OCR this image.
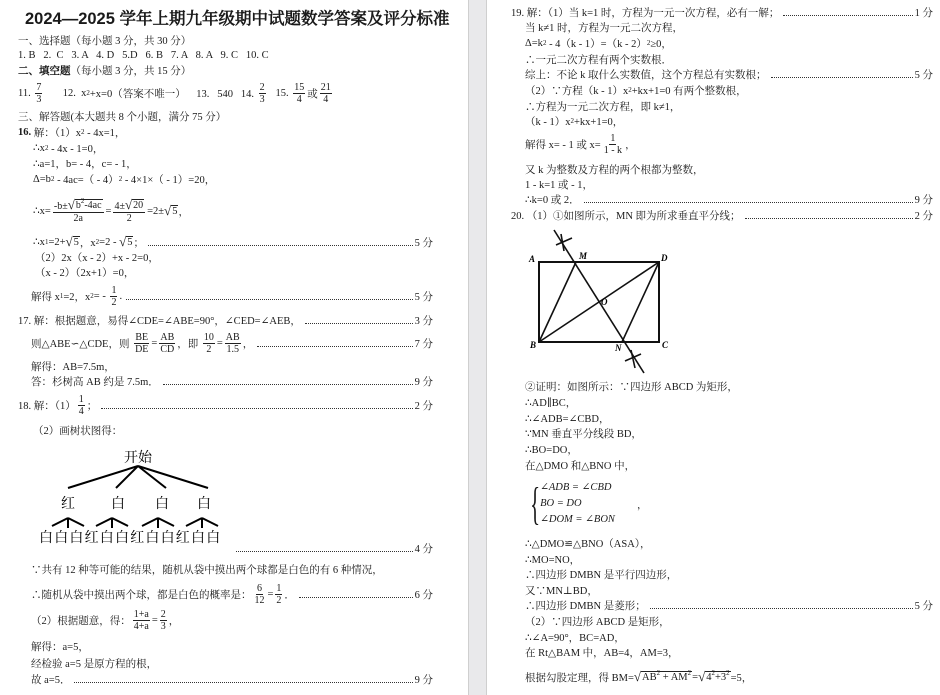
2024—2025 学年上期九年级期中试题数学答案及评分标准
开始
红
白 白 白
白
红 白 白
白
红 白 白
白
红 白 白
一、选择题（每小题 3 分，共 30 分）
1. B   2.  C   3. A   4. D   5.D   6. B   7. A   8. A   9. C   10. C
二、填空题 （每小题 3 分，共 15 分）
11. $\frac{7}{3} 12$.  x 2 +x=0（答案不唯一）    13.   540   14. $\frac{2}{3} 15$. $\frac{15}{4}$ 或 $\frac{21}{4}$
三、解答题(本大题共 8 个小题，满分 75 分）
16. 解：（1）x 2 - 4x=1，
∴x 2 - 4x - 1=0，
∴a=1，b= - 4，c= - 1，
Δ=b 2 - 4ac=（ - 4） 2 - 4×1×（ - 1）=20，
∴x= $\frac{-b\pm √ b^2-4ac}{2a} = \frac{4\pm √ 20}{2} =2\pm$ √ 5 ，
∴x 1 =2+ √ 5 ，x 2 =2 - √ 5 ；	5 分
（2）2x（x - 2）+x - 2=0，
（x - 2）（2x+1）=0，
解得 x 1 =2，x 2 = - $\frac{1}{2}$ .	5 分
17. 解：根据题意，易得∠CDE=∠ABE=90°，∠CED=∠AEB，	3 分
则△ABE∽△CDE，则 $\frac{BE}{DE} = \frac{AB}{CD}$ ，即 $\frac{10}{2} = \frac{AB}{1.5}$ ，	7 分
解得：AB=7.5m，
答：杉树高 AB 约是 7.5m．	9 分
18. 解：$(1) \frac{1}{4}$ ；	2 分
（2）画树状图得：
4 分
∵共有 12 种等可能的结果，随机从袋中摸出两个球都是白色的有 6 种情况，
∴随机从袋中摸出两个球，都是白色的概率是： $\frac{6}{12} = \frac{1}{2}$ ．	6 分
（2）根据题意，得： $\frac{1+a}{4+a} = \frac{2}{3}$ ，
解得：a=5，
经检验 a=5 是原方程的根，
故 a=5．	9 分
A	M	D
O
B	N	C
19. 解：（1）当 k=1 时，方程为一元一次方程，必有一解；	1 分
当 k≠1 时，方程为一元二次方程，
Δ=k 2 - 4（k - 1）=（k - 2） 2 ≥0，
∴一元二次方程有两个实数根．
综上：不论 k 取什么实数值，这个方程总有实数根；	5 分
（2）∵方程（k - 1）x 2 +kx+1=0 有两个整数根，
∴方程为一元二次方程，即 k≠1，
（k - 1）x 2 +kx+1=0，
解得 x= - 1 或 $x= \frac{1}{1 - k}$ ，
又 k 为整数及方程的两个根都为整数，
1 - k=1 或 - 1，
∴k=0 或 2．	9 分
20. （1）①如图所示，MN 即为所求垂直平分线；	2 分
②证明：如图所示：∵四边形 ABCD 为矩形，
∴AD∥BC，
∴∠ADB=∠CBD，
∵MN 垂直平分线段 BD，
∴BO=DO，
在△DMO 和△BNO 中，
∴△DMO≌△BNO（ASA），
∴MO=NO，
∴四边形 DMBN 是平行四边形，
又∵MN⊥BD，
∴四边形 DMBN 是菱形；	5 分
（2）∵四边形 ABCD 是矩形，
∴∠A=90°，BC=AD，
在 Rt△BAM 中，AB=4，AM=3，
根据勾股定理，得 BM= √ $AB^2 + AM^2$ = √ $4^2+3^2 =5$，
{ ∠ADB = ∠CBD
BO = DO
∠DOM = ∠BON
，
